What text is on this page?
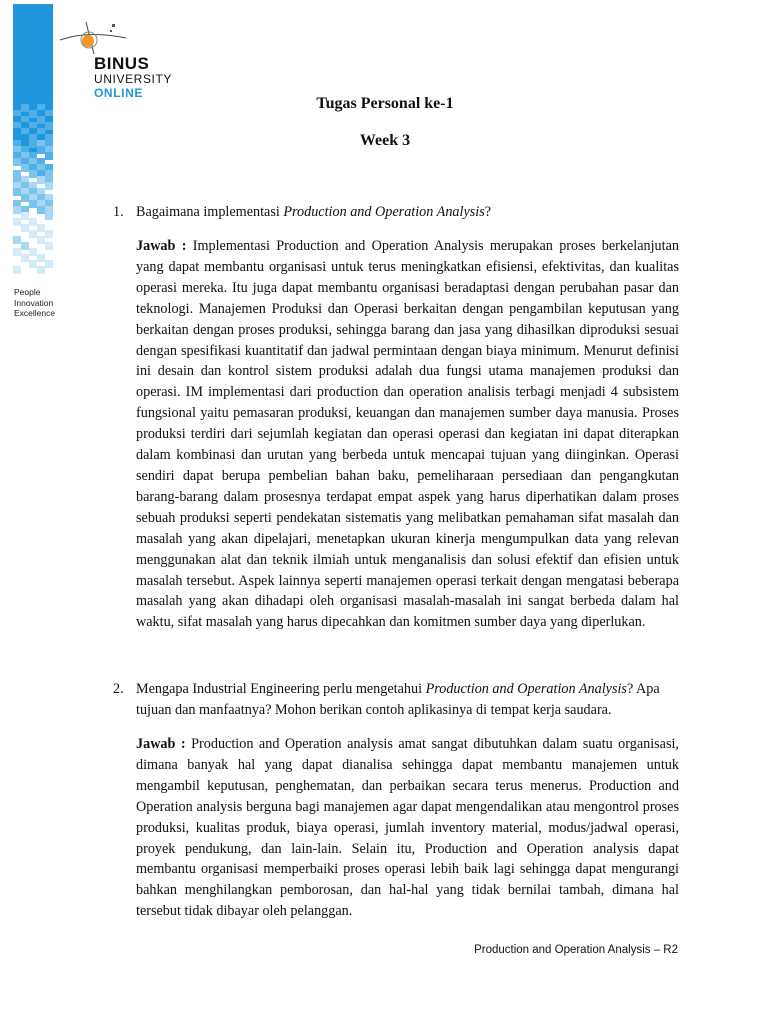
People
Innovation
Excellence
BINUS
UNIVERSITY
ONLINE
Tugas Personal ke-1
Week 3
1. Bagaimana implementasi Production and Operation Analysis?
Jawab : Implementasi Production and Operation Analysis merupakan proses berkelanjutan yang dapat membantu organisasi untuk terus meningkatkan efisiensi, efektivitas, dan kualitas operasi mereka. Itu juga dapat membantu organisasi beradaptasi dengan perubahan pasar dan teknologi. Manajemen Produksi dan Operasi berkaitan dengan pengambilan keputusan yang berkaitan dengan proses produksi, sehingga barang dan jasa yang dihasilkan diproduksi sesuai dengan spesifikasi kuantitatif dan jadwal permintaan dengan biaya minimum. Menurut definisi ini desain dan kontrol sistem produksi adalah dua fungsi utama manajemen produksi dan operasi. IM implementasi dari production dan operation analisis terbagi menjadi 4 subsistem fungsional yaitu pemasaran produksi, keuangan dan manajemen sumber daya manusia. Proses produksi terdiri dari sejumlah kegiatan dan operasi operasi dan kegiatan ini dapat diterapkan dalam kombinasi dan urutan yang berbeda untuk mencapai tujuan yang diinginkan. Operasi sendiri dapat berupa pembelian bahan baku, pemeliharaan persediaan dan pengangkutan barang-barang dalam prosesnya terdapat empat aspek yang harus diperhatikan dalam proses sebuah produksi seperti pendekatan sistematis yang melibatkan pemahaman sifat masalah dan masalah yang akan dipelajari, menetapkan ukuran kinerja mengumpulkan data yang relevan menggunakan alat dan teknik ilmiah untuk menganalisis dan solusi efektif dan efisien untuk masalah tersebut. Aspek lainnya seperti manajemen operasi terkait dengan mengatasi beberapa masalah yang akan dihadapi oleh organisasi masalah-masalah ini sangat berbeda dalam hal waktu, sifat masalah yang harus dipecahkan dan komitmen sumber daya yang diperlukan.
2. Mengapa Industrial Engineering perlu mengetahui Production and Operation Analysis? Apa tujuan dan manfaatnya? Mohon berikan contoh aplikasinya di tempat kerja saudara.
Jawab : Production and Operation analysis amat sangat dibutuhkan dalam suatu organisasi, dimana banyak hal yang dapat dianalisa sehingga dapat membantu manajemen untuk mengambil keputusan, penghematan, dan perbaikan secara terus menerus. Production and Operation analysis berguna bagi manajemen agar dapat mengendalikan atau mengontrol proses produksi, kualitas produk, biaya operasi, jumlah inventory material, modus/jadwal operasi, proyek pendukung, dan lain-lain. Selain itu, Production and Operation analysis dapat membantu organisasi memperbaiki proses operasi lebih baik lagi sehingga dapat mengurangi bahkan menghilangkan pemborosan, dan hal-hal yang tidak bernilai tambah, dimana hal tersebut tidak dibayar oleh pelanggan.
Production and Operation Analysis – R2
